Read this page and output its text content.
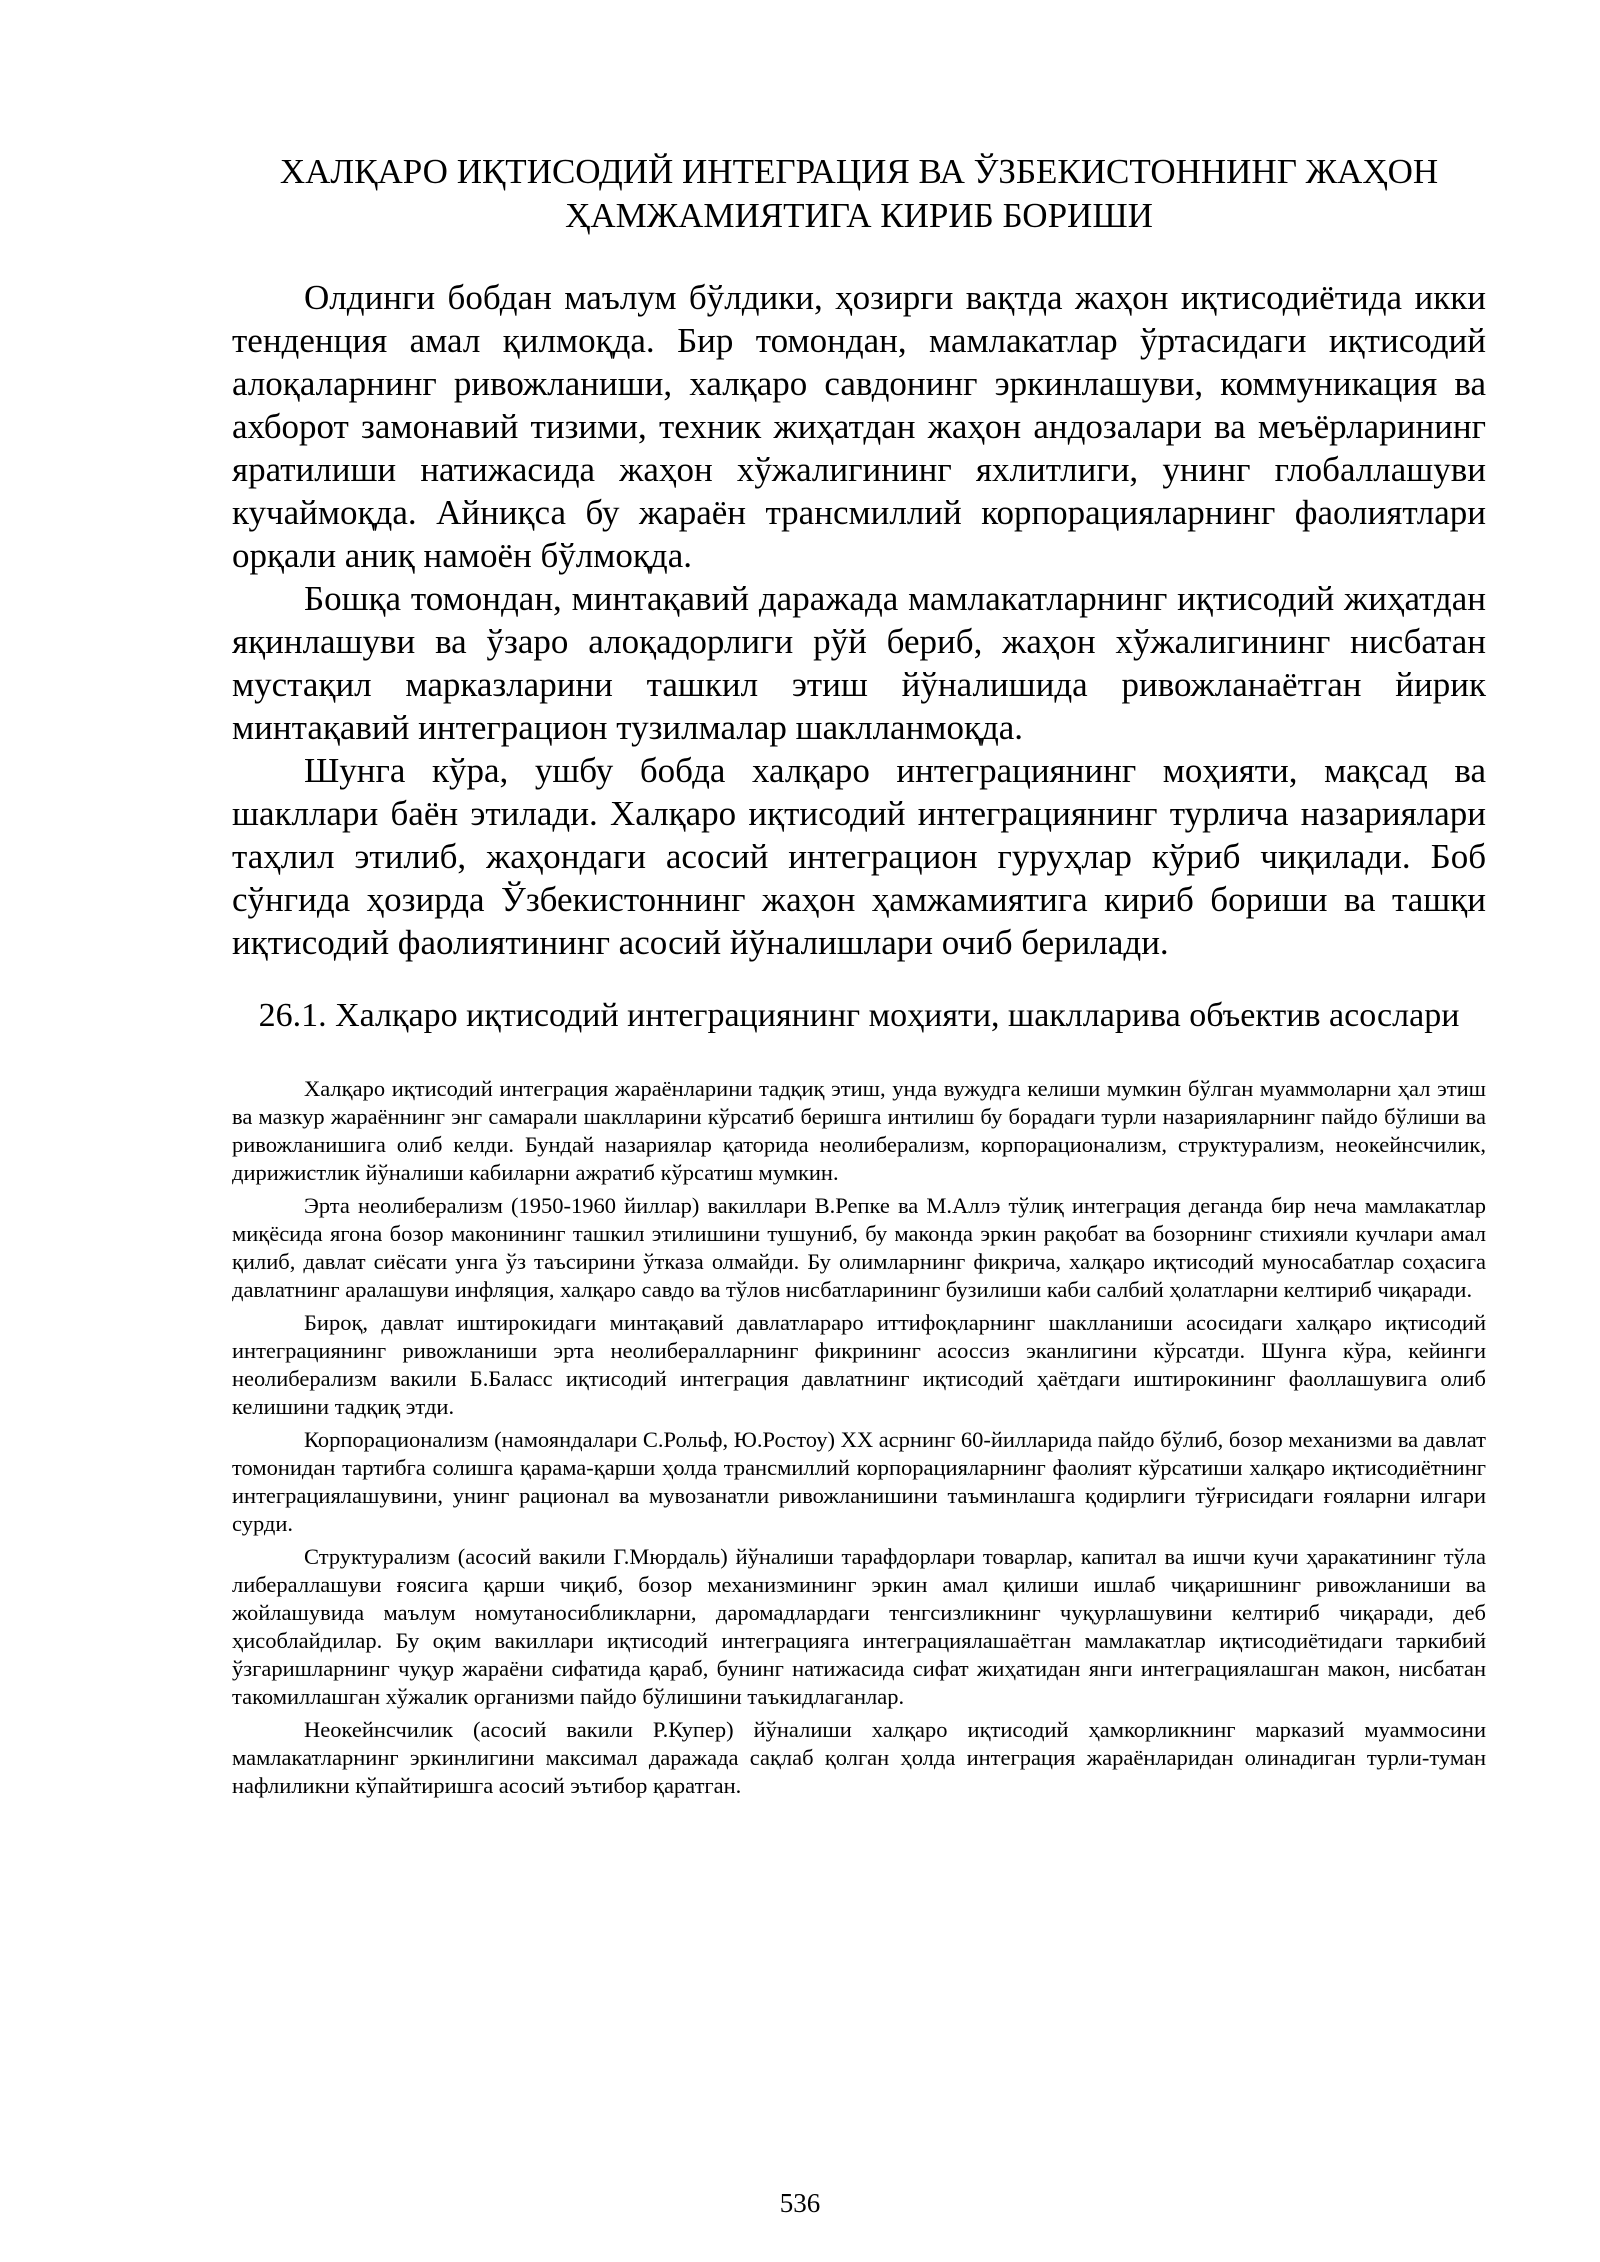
ХАЛҚАРО ИҚТИСОДИЙ ИНТЕГРАЦИЯ ВА ЎЗБЕКИСТОННИНГ ЖАҲОН ҲАМЖАМИЯТИГА КИРИБ БОРИШИ

Олдинги бобдан маълум бўлдики, ҳозирги вақтда жаҳон иқтисодиётида икки тенденция амал қилмоқда. Бир томондан, мамлакатлар ўртасидаги иқтисодий алоқаларнинг ривожланиши, халқаро савдонинг эркинлашуви, коммуникация ва ахборот замонавий тизими, техник жиҳатдан жаҳон андозалари ва меъёрларининг яратилиши натижасида жаҳон хўжалигининг яхлитлиги, унинг глобаллашуви кучаймоқда. Айниқса бу жараён трансмиллий корпорацияларнинг фаолиятлари орқали аниқ намоён бўлмоқда.

Бошқа томондан, минтақавий даражада мамлакатларнинг иқтисодий жиҳатдан яқинлашуви ва ўзаро алоқадорлиги рўй бериб, жаҳон хўжалигининг нисбатан мустақил марказларини ташкил этиш йўналишида ривожланаётган йирик минтақавий интеграцион тузилмалар шаклланмоқда.

Шунга кўра, ушбу бобда халқаро интеграциянинг моҳияти, мақсад ва шакллари баён этилади. Халқаро иқтисодий интеграциянинг турлича назариялари таҳлил этилиб, жаҳондаги асосий интеграцион гуруҳлар кўриб чиқилади. Боб сўнгида ҳозирда Ўзбекистоннинг жаҳон ҳамжамиятига кириб бориши ва ташқи иқтисодий фаолиятининг асосий йўналишлари очиб берилади.

26.1. Халқаро иқтисодий интеграциянинг моҳияти, шаклларива объектив асослари

Халқаро иқтисодий интеграция жараёнларини тадқиқ этиш, унда вужудга келиши мумкин бўлган муаммоларни ҳал этиш ва мазкур жараённинг энг самарали шаклларини кўрсатиб беришга интилиш бу борадаги турли назарияларнинг пайдо бўлиши ва ривожланишига олиб келди. Бундай назариялар қаторида неолиберализм, корпорационализм, структурализм, неокейнсчилик, дирижистлик йўналиши кабиларни ажратиб кўрсатиш мумкин.

Эрта неолиберализм (1950-1960 йиллар) вакиллари В.Репке ва М.Аллэ тўлиқ интеграция деганда бир неча мамлакатлар миқёсида ягона бозор маконининг ташкил этилишини тушуниб, бу маконда эркин рақобат ва бозорнинг стихияли кучлари амал қилиб, давлат сиёсати унга ўз таъсирини ўтказа олмайди. Бу олимларнинг фикрича, халқаро иқтисодий муносабатлар соҳасига давлатнинг аралашуви инфляция, халқаро савдо ва тўлов нисбатларининг бузилиши каби салбий ҳолатларни келтириб чиқаради.

Бироқ, давлат иштирокидаги минтақавий давлатлараро иттифоқларнинг шаклланиши асосидаги халқаро иқтисодий интеграциянинг ривожланиши эрта неолибералларнинг фикрининг асоссиз эканлигини кўрсатди. Шунга кўра, кейинги неолиберализм вакили Б.Баласс иқтисодий интеграция давлатнинг иқтисодий ҳаётдаги иштирокининг фаоллашувига олиб келишини тадқиқ этди.

Корпорационализм (намояндалари С.Рольф, Ю.Ростоу) XX асрнинг 60-йилларида пайдо бўлиб, бозор механизми ва давлат томонидан тартибга солишга қарама-қарши ҳолда трансмиллий корпорацияларнинг фаолият кўрсатиши халқаро иқтисодиётнинг интеграциялашувини, унинг рационал ва мувозанатли ривожланишини таъминлашга қодирлиги тўғрисидаги ғояларни илгари сурди.

Структурализм (асосий вакили Г.Мюрдаль) йўналиши тарафдорлари товарлар, капитал ва ишчи кучи ҳаракатининг тўла либераллашуви ғоясига қарши чиқиб, бозор механизмининг эркин амал қилиши ишлаб чиқаришнинг ривожланиши ва жойлашувида маълум номутаносибликларни, даромадлардаги тенгсизликнинг чуқурлашувини келтириб чиқаради, деб ҳисоблайдилар. Бу оқим вакиллари иқтисодий интеграцияга интеграциялашаётган мамлакатлар иқтисодиётидаги таркибий ўзгаришларнинг чуқур жараёни сифатида қараб, бунинг натижасида сифат жиҳатидан янги интеграциялашган макон, нисбатан такомиллашган хўжалик организми пайдо бўлишини таъкидлаганлар.

Неокейнсчилик (асосий вакили Р.Купер) йўналиши халқаро иқтисодий ҳамкорликнинг марказий муаммосини мамлакатларнинг эркинлигини максимал даражада сақлаб қолган ҳолда интеграция жараёнларидан олинадиган турли-туман нафлиликни кўпайтиришга асосий эътибор қаратган.

536
